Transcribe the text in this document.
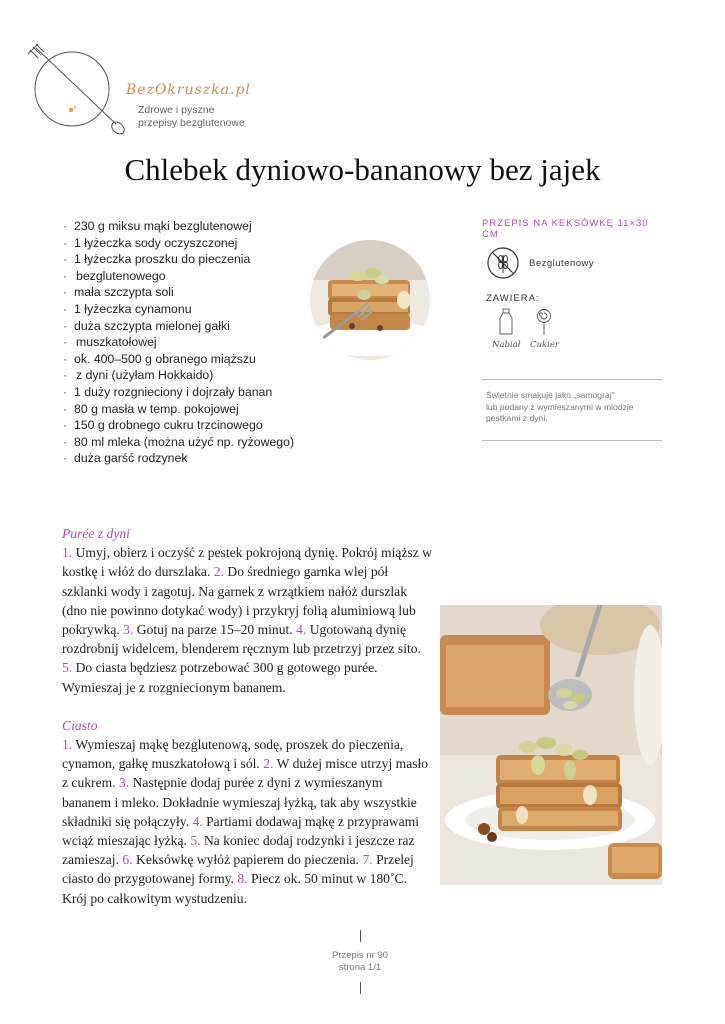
BezOkruszka.pl
Zdrowe i pyszne
przepisy bezglutenowe
Chlebek dyniowo-bananowy bez jajek
· 230 g miksu mąki bezglutenowej
· 1 łyżeczka sody oczyszczonej
· 1 łyżeczka proszku do pieczenia
· bezglutenowego
· mała szczypta soli
· 1 łyżeczka cynamonu
· duża szczypta mielonej gałki
· muszkatołowej
· ok. 400–500 g obranego miąższu
· z dyni (użyłam Hokkaido)
· 1 duży rozgnieciony i dojrzały banan
· 80 g masła w temp. pokojowej
· 150 g drobnego cukru trzcinowego
· 80 ml mleka (można użyć np. ryżowego)
· duża garść rodzynek

PRZEPIS NA KEKSÓWKĘ 11×30 CM

Bezglutenowy
ZAWIERA:
Nabiał Cukier

Świetnie smakuje jako „samograj”
lub podany z wymieszanymi w miodzie
pestkami z dyni.

Purée z dyni

1. Umyj, obierz i oczyść z pestek pokrojoną dynię. Pokrój miąższ w kostkę i włóż do durszlaka. 2. Do średniego garnka wlej pół szklanki wody i zagotuj. Na garnek z wrzątkiem nałóż durszlak (dno nie powinno dotykać wody) i przykryj folią aluminiową lub pokrywką. 3. Gotuj na parze 15–20 minut. 4. Ugotowaną dynię rozdrobnij widelcem, blenderem ręcznym lub przetrzyj przez sito. 5. Do ciasta będziesz potrzebować 300 g gotowego purée. Wymieszaj je z rozgniecionym bananem.

Ciasto

1. Wymieszaj mąkę bezglutenową, sodę, proszek do pieczenia, cynamon, gałkę muszkatołową i sól. 2. W dużej misce utrzyj masło z cukrem. 3. Następnie dodaj purée z dyni z wymieszanym bananem i mleko. Dokładnie wymieszaj łyżką, tak aby wszystkie składniki się połączyły. 4. Partiami dodawaj mąkę z przyprawami wciąż mieszając łyżką. 5. Na koniec dodaj rodzynki i jeszcze raz zamieszaj. 6. Keksówkę wyłóż papierem do pieczenia. 7. Przelej ciasto do przygotowanej formy. 8. Piecz ok. 50 minut w 180˚C. Krój po całkowitym wystudzeniu.

Przepis nr 90
strona 1/1
